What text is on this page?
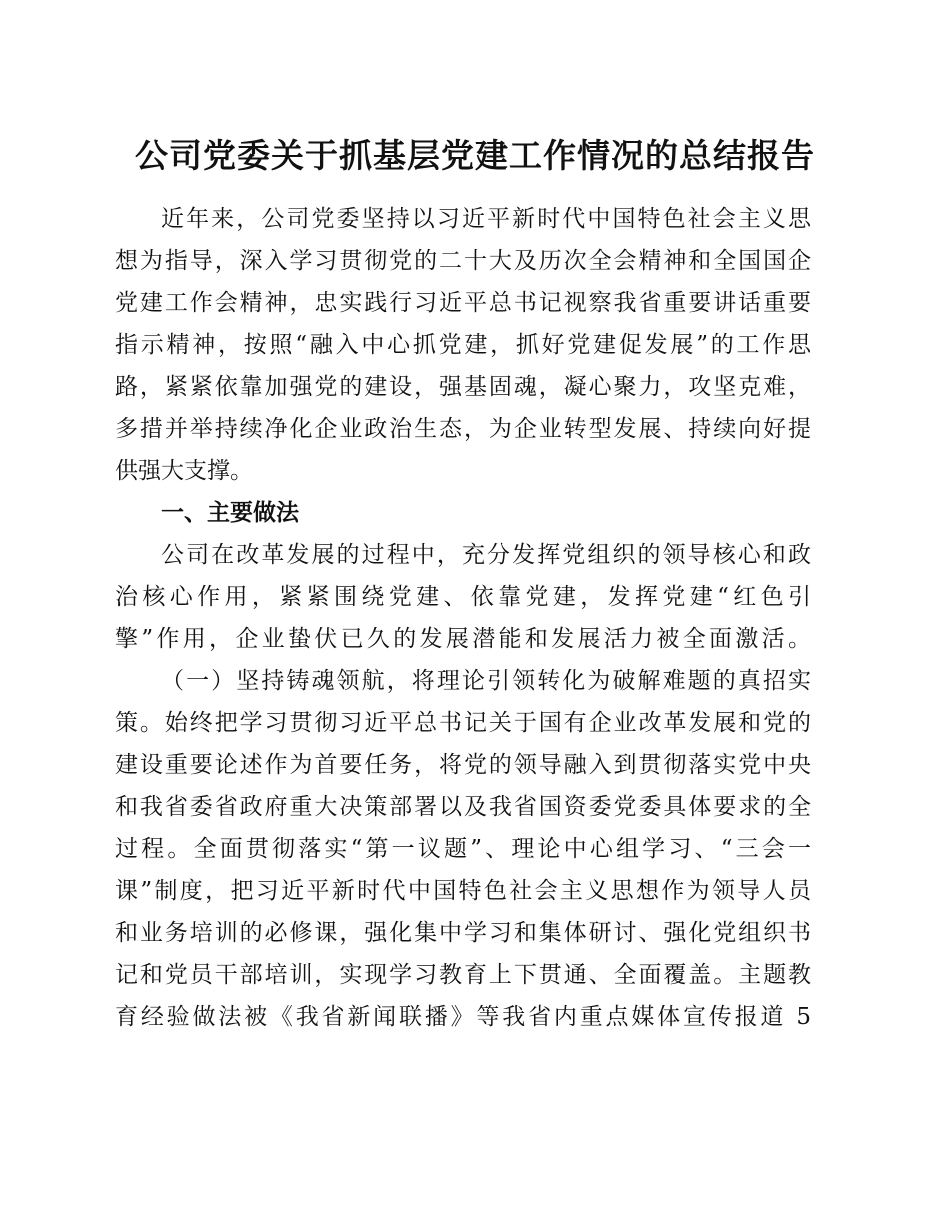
公司党委关于抓基层党建工作情况的总结报告
近年来，公司党委坚持以习近平新时代中国特色社会主义思
想为指导，深入学习贯彻党的二十大及历次全会精神和全国国企
党建工作会精神，忠实践行习近平总书记视察我省重要讲话重要
指示精神，按照“融入中心抓党建，抓好党建促发展”的工作思
路，紧紧依靠加强党的建设，强基固魂，凝心聚力，攻坚克难，
多措并举持续净化企业政治生态，为企业转型发展、持续向好提
供强大支撑。
一、主要做法
公司在改革发展的过程中，充分发挥党组织的领导核心和政
治核心作用，紧紧围绕党建、依靠党建，发挥党建“红色引
擎”作用，企业蛰伏已久的发展潜能和发展活力被全面激活。
（一）坚持铸魂领航，将理论引领转化为破解难题的真招实
策。始终把学习贯彻习近平总书记关于国有企业改革发展和党的
建设重要论述作为首要任务，将党的领导融入到贯彻落实党中央
和我省委省政府重大决策部署以及我省国资委党委具体要求的全
过程。全面贯彻落实“第一议题”、理论中心组学习、“三会一
课”制度，把习近平新时代中国特色社会主义思想作为领导人员
和业务培训的必修课，强化集中学习和集体研讨、强化党组织书
记和党员干部培训，实现学习教育上下贯通、全面覆盖。主题教
育经验做法被《我省新闻联播》等我省内重点媒体宣传报道 5
